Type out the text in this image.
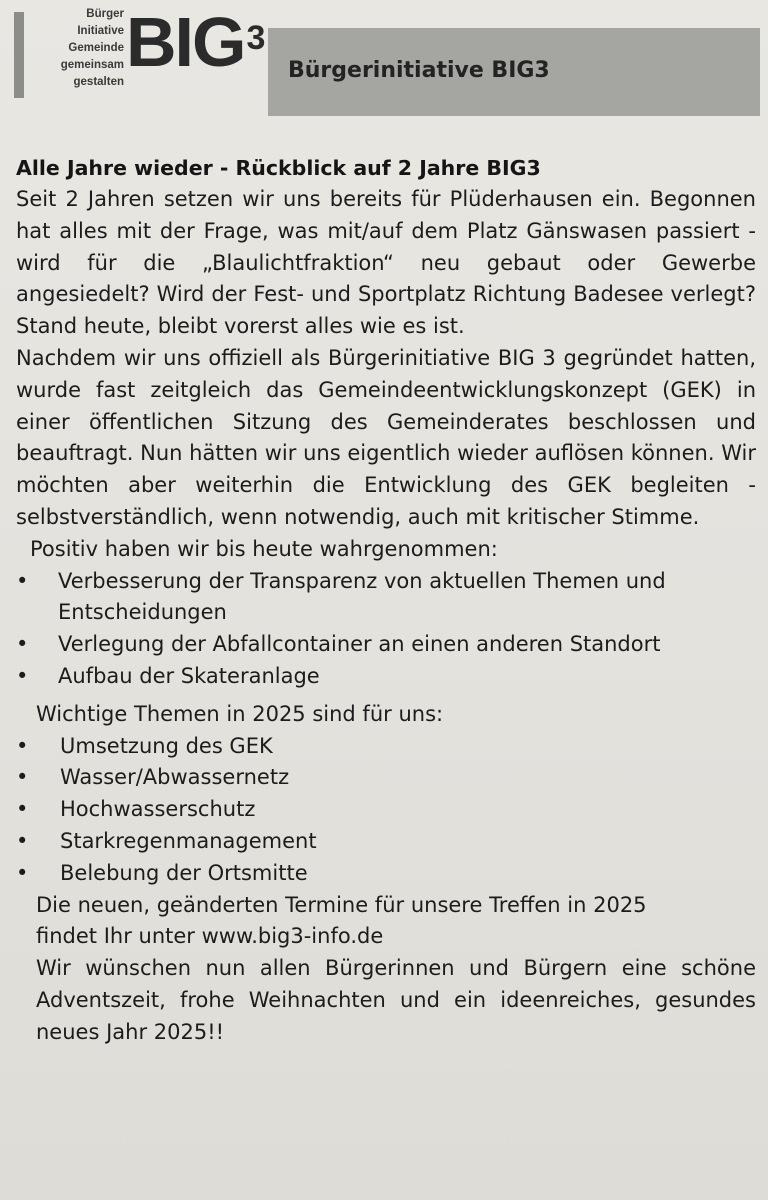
Bürger
Initiative
Gemeinde
gemeinsam
gestalten
BIG$^3$
Bürgerinitiative BIG3
Alle Jahre wieder - Rückblick auf 2 Jahre BIG3

Seit 2 Jahren setzen wir uns bereits für Plüderhausen ein. Begonnen hat alles mit der Frage, was mit/auf dem Platz Gänswasen passiert - wird für die „Blaulichtfraktion“ neu gebaut oder Gewerbe angesiedelt? Wird der Fest- und Sportplatz Richtung Badesee verlegt? Stand heute, bleibt vorerst alles wie es ist.

Nachdem wir uns offiziell als Bürgerinitiative BIG 3 gegründet hatten, wurde fast zeitgleich das Gemeindeentwicklungskonzept (GEK) in einer öffentlichen Sitzung des Gemeinderates beschlossen und beauftragt. Nun hätten wir uns eigentlich wieder auflösen können. Wir möchten aber weiterhin die Entwicklung des GEK begleiten - selbstverständlich, wenn notwendig, auch mit kritischer Stimme.

Positiv haben wir bis heute wahrgenommen:

• Verbesserung der Transparenz von aktuellen Themen und Entscheidungen
• Verlegung der Abfallcontainer an einen anderen Standort
• Aufbau der Skateranlage

Wichtige Themen in 2025 sind für uns:

• Umsetzung des GEK
• Wasser/Abwassernetz
• Hochwasserschutz
• Starkregenmanagement
• Belebung der Ortsmitte

Die neuen, geänderten Termine für unsere Treffen in 2025

findet Ihr unter www.big3-info.de

Wir wünschen nun allen Bürgerinnen und Bürgern eine schöne Adventszeit, frohe Weihnachten und ein ideenreiches, gesundes neues Jahr 2025!!
